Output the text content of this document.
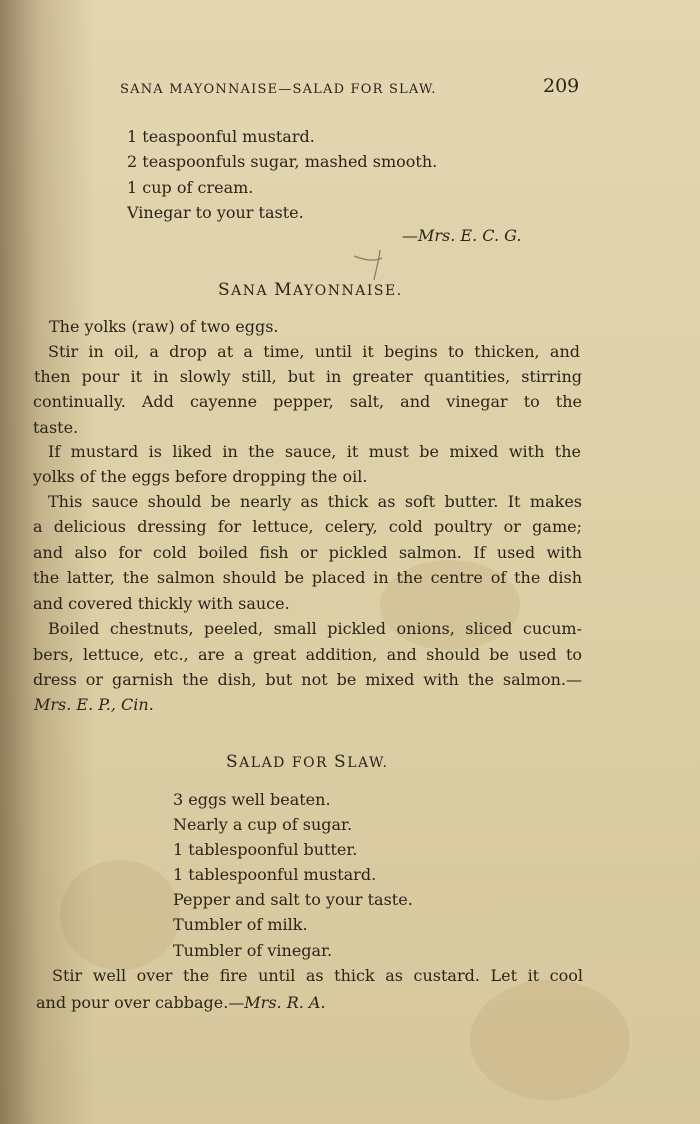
SANA MAYONNAISE—SALAD FOR SLAW.	209
1 teaspoonful mustard.
2 teaspoonfuls sugar, mashed smooth.
1 cup of cream.
Vinegar to your taste.
—Mrs. E. C. G.
SANA MAYONNAISE.
The yolks (raw) of two eggs.
Stir in oil, a drop at a time, until it begins to thicken, and
then pour it in slowly still, but in greater quantities, stirring
continually. Add cayenne pepper, salt, and vinegar to the
taste.
If mustard is liked in the sauce, it must be mixed with the
yolks of the eggs before dropping the oil.
This sauce should be nearly as thick as soft butter. It makes
a delicious dressing for lettuce, celery, cold poultry or game;
and also for cold boiled fish or pickled salmon. If used with
the latter, the salmon should be placed in the centre of the dish
and covered thickly with sauce.
Boiled chestnuts, peeled, small pickled onions, sliced cucum-
bers, lettuce, etc., are a great addition, and should be used to
dress or garnish the dish, but not be mixed with the salmon.—
Mrs. E. P., Cin.
SALAD FOR SLAW.
3 eggs well beaten.
Nearly a cup of sugar.
1 tablespoonful butter.
1 tablespoonful mustard.
Pepper and salt to your taste.
Tumbler of milk.
Tumbler of vinegar.
Stir well over the fire until as thick as custard. Let it cool
and pour over cabbage.—Mrs. R. A.
